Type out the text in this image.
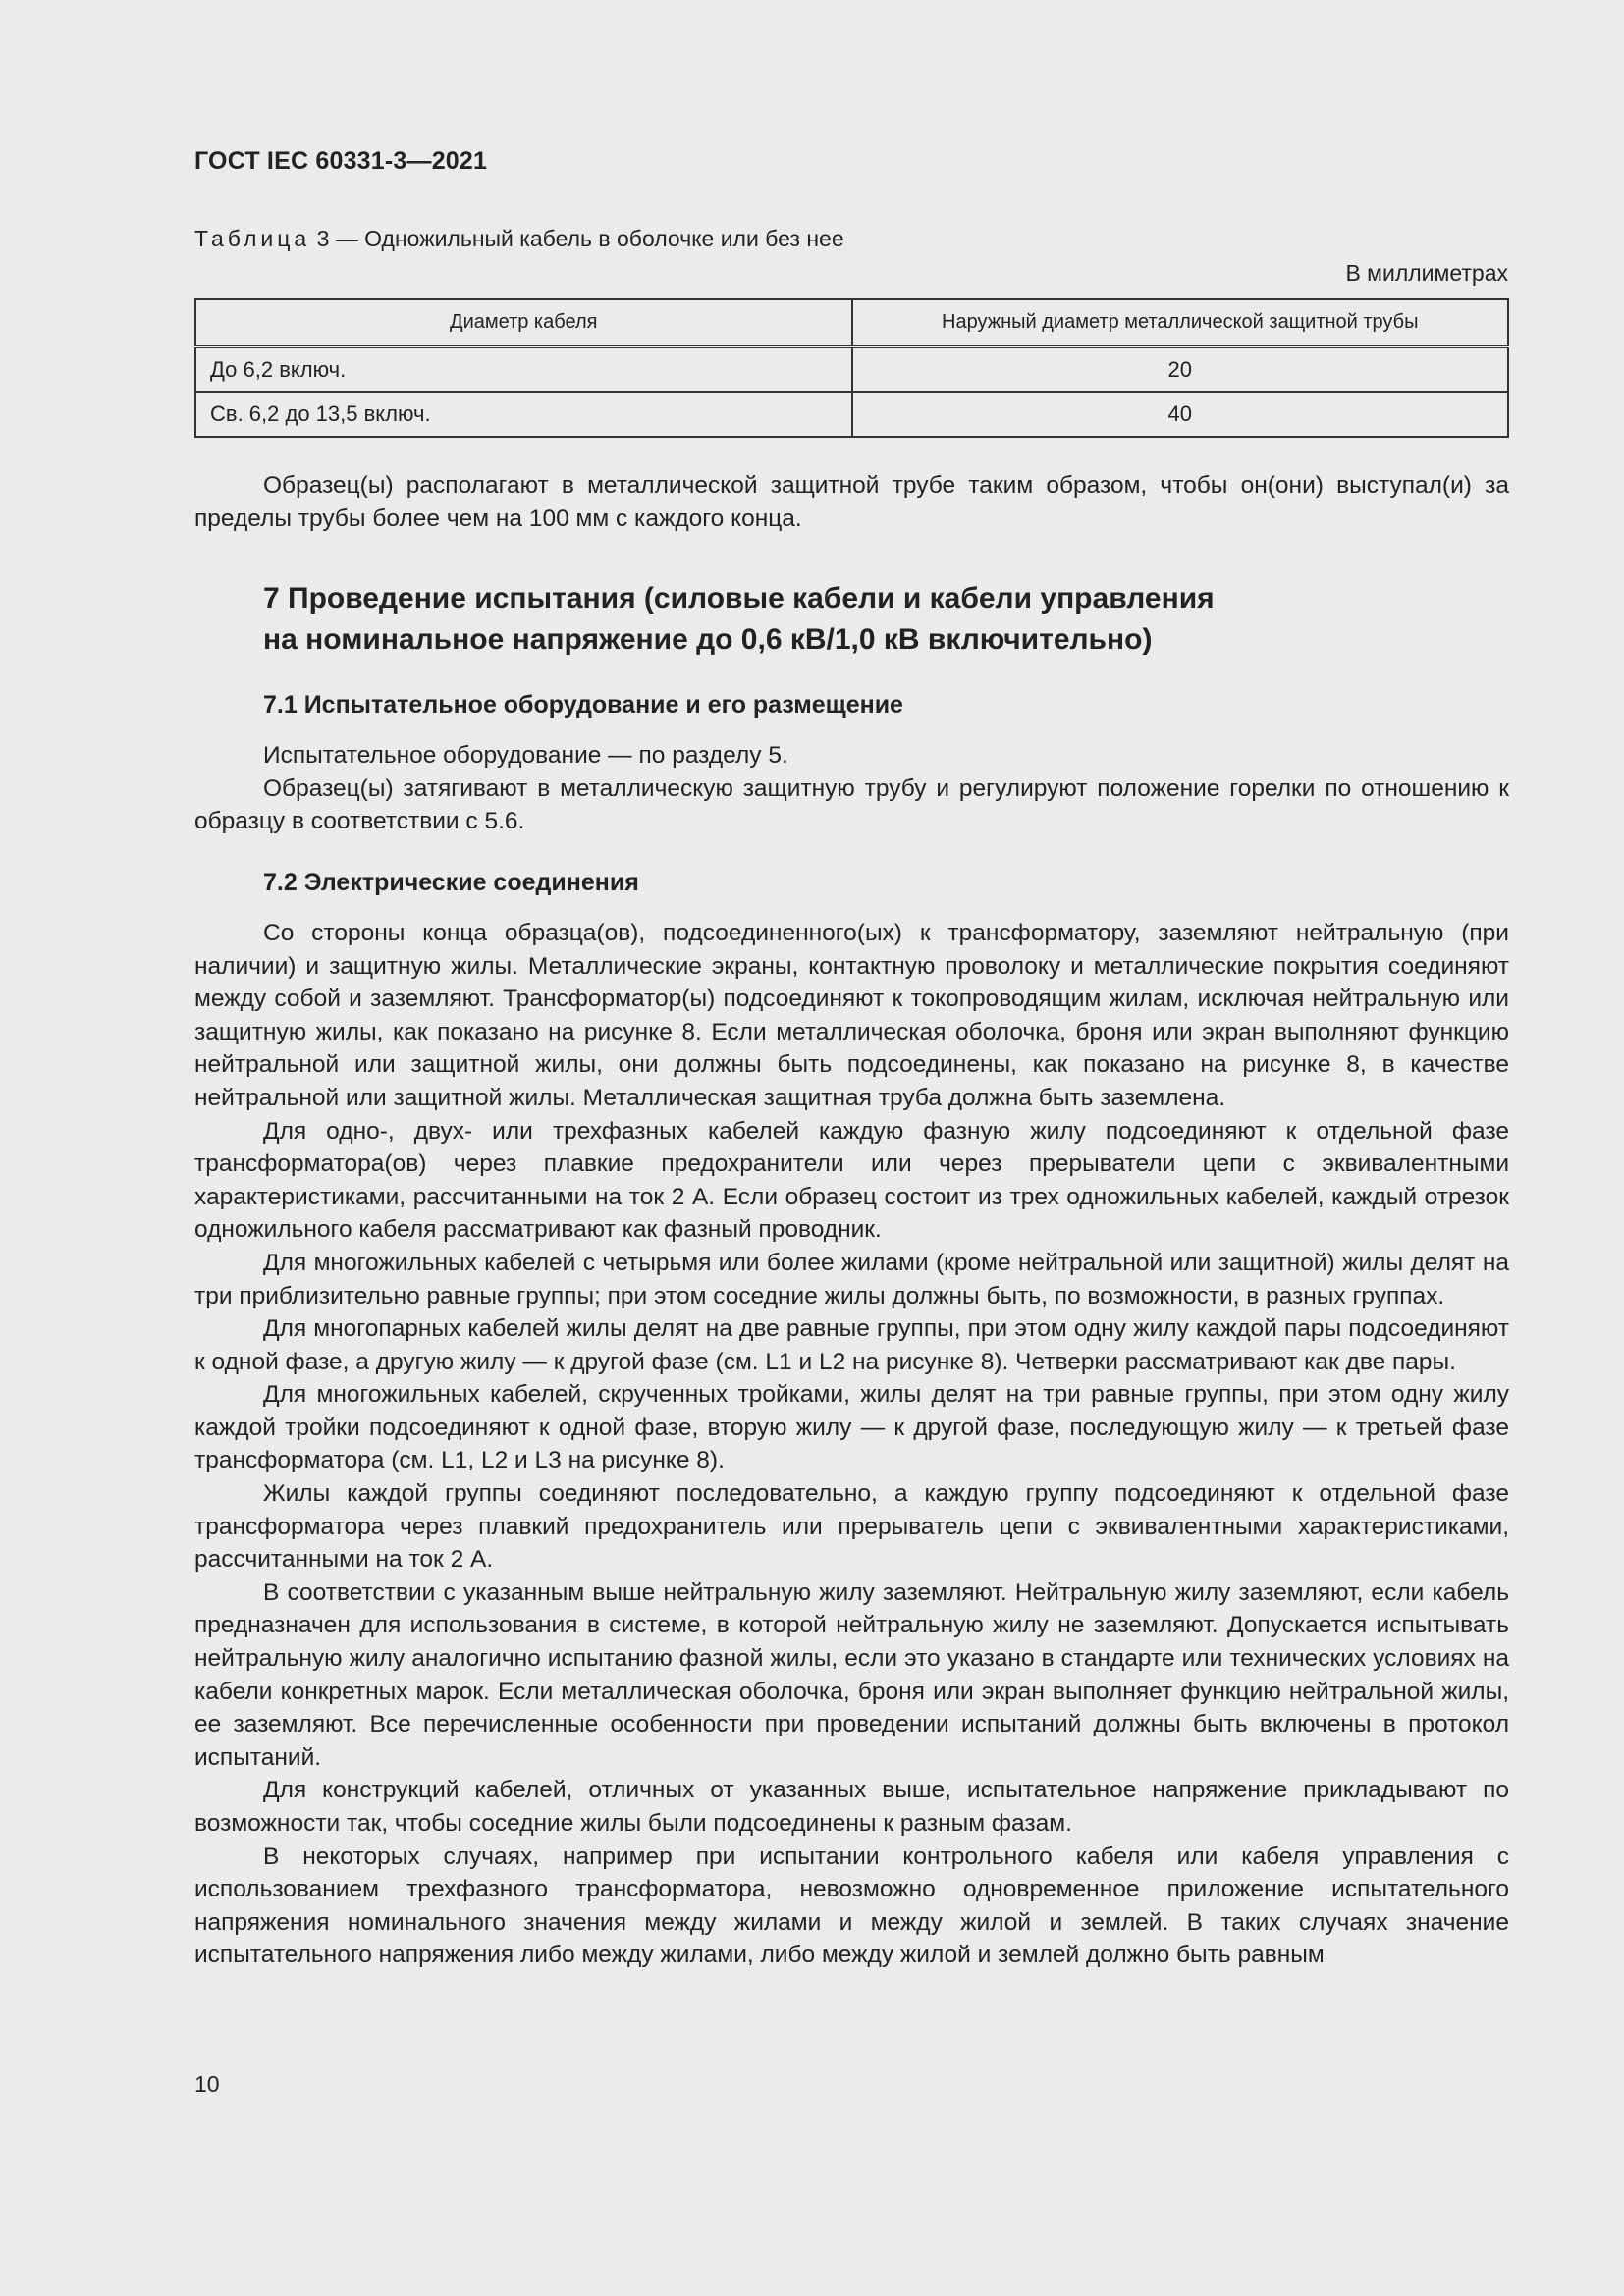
ГОСТ IEC 60331-3—2021
Таблица 3 — Одножильный кабель в оболочке или без нее
В миллиметрах
Диаметр кабеля	Наружный диаметр металлической защитной трубы
До 6,2 включ.	20
Св. 6,2 до 13,5 включ.	40

Образец(ы) располагают в металлической защитной трубе таким образом, чтобы он(они) выступал(и) за пределы трубы более чем на 100 мм с каждого конца.

7 Проведение испытания (силовые кабели и кабели управления
на номинальное напряжение до 0,6 кВ/1,0 кВ включительно)
7.1 Испытательное оборудование и его размещение

Испытательное оборудование — по разделу 5.

Образец(ы) затягивают в металлическую защитную трубу и регулируют положение горелки по отношению к образцу в соответствии с 5.6.

7.2 Электрические соединения

Со стороны конца образца(ов), подсоединенного(ых) к трансформатору, заземляют нейтральную (при наличии) и защитную жилы. Металлические экраны, контактную проволоку и металлические покрытия соединяют между собой и заземляют. Трансформатор(ы) подсоединяют к токопроводящим жилам, исключая нейтральную или защитную жилы, как показано на рисунке 8. Если металлическая оболочка, броня или экран выполняют функцию нейтральной или защитной жилы, они должны быть подсоединены, как показано на рисунке 8, в качестве нейтральной или защитной жилы. Металлическая защитная труба должна быть заземлена.

Для одно-, двух- или трехфазных кабелей каждую фазную жилу подсоединяют к отдельной фазе трансформатора(ов) через плавкие предохранители или через прерыватели цепи с эквивалентными характеристиками, рассчитанными на ток 2 А. Если образец состоит из трех одножильных кабелей, каждый отрезок одножильного кабеля рассматривают как фазный проводник.

Для многожильных кабелей с четырьмя или более жилами (кроме нейтральной или защитной) жилы делят на три приблизительно равные группы; при этом соседние жилы должны быть, по возможности, в разных группах.

Для многопарных кабелей жилы делят на две равные группы, при этом одну жилу каждой пары подсоединяют к одной фазе, а другую жилу — к другой фазе (см. L1 и L2 на рисунке 8). Четверки рассматривают как две пары.

Для многожильных кабелей, скрученных тройками, жилы делят на три равные группы, при этом одну жилу каждой тройки подсоединяют к одной фазе, вторую жилу — к другой фазе, последующую жилу — к третьей фазе трансформатора (см. L1, L2 и L3 на рисунке 8).

Жилы каждой группы соединяют последовательно, а каждую группу подсоединяют к отдельной фазе трансформатора через плавкий предохранитель или прерыватель цепи с эквивалентными характеристиками, рассчитанными на ток 2 А.

В соответствии с указанным выше нейтральную жилу заземляют. Нейтральную жилу заземляют, если кабель предназначен для использования в системе, в которой нейтральную жилу не заземляют. Допускается испытывать нейтральную жилу аналогично испытанию фазной жилы, если это указано в стандарте или технических условиях на кабели конкретных марок. Если металлическая оболочка, броня или экран выполняет функцию нейтральной жилы, ее заземляют. Все перечисленные особенности при проведении испытаний должны быть включены в протокол испытаний.

Для конструкций кабелей, отличных от указанных выше, испытательное напряжение прикладывают по возможности так, чтобы соседние жилы были подсоединены к разным фазам.

В некоторых случаях, например при испытании контрольного кабеля или кабеля управления с использованием трехфазного трансформатора, невозможно одновременное приложение испытательного напряжения номинального значения между жилами и между жилой и землей. В таких случаях значение испытательного напряжения либо между жилами, либо между жилой и землей должно быть равным

10
